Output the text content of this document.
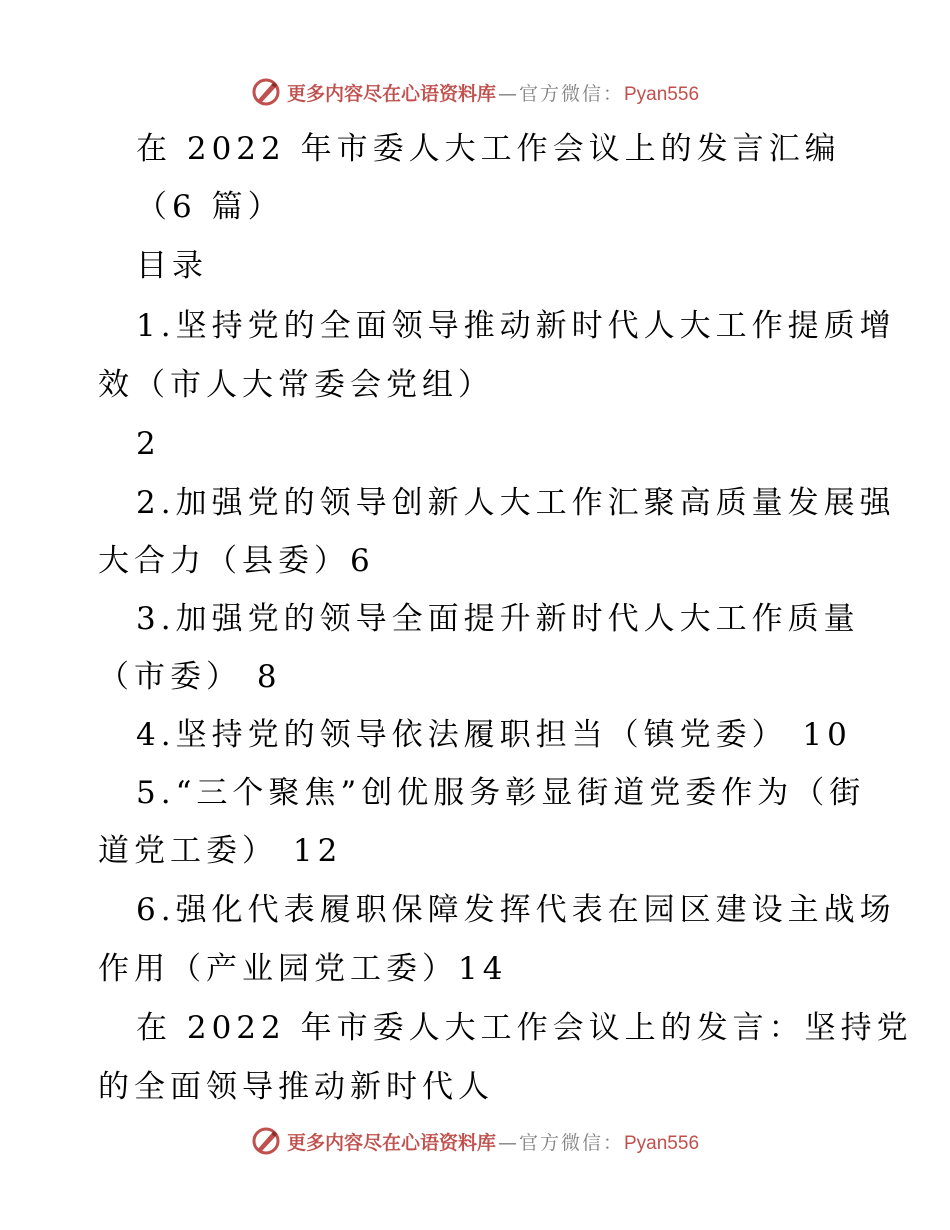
更多内容尽在心语资料库 — 官方微信：Pyan556
在 2022 年市委人大工作会议上的发言汇编
（6 篇）
目录
1.坚持党的全面领导推动新时代人大工作提质增
效（市人大常委会党组）
2
2.加强党的领导创新人大工作汇聚高质量发展强
大合力（县委）6
3.加强党的领导全面提升新时代人大工作质量
（市委） 8
4.坚持党的领导依法履职担当（镇党委） 10
5.“三个聚焦”创优服务彰显街道党委作为（街
道党工委） 12
6.强化代表履职保障发挥代表在园区建设主战场
作用（产业园党工委）14
在 2022 年市委人大工作会议上的发言：坚持党
的全面领导推动新时代人
更多内容尽在心语资料库 — 官方微信：Pyan556
